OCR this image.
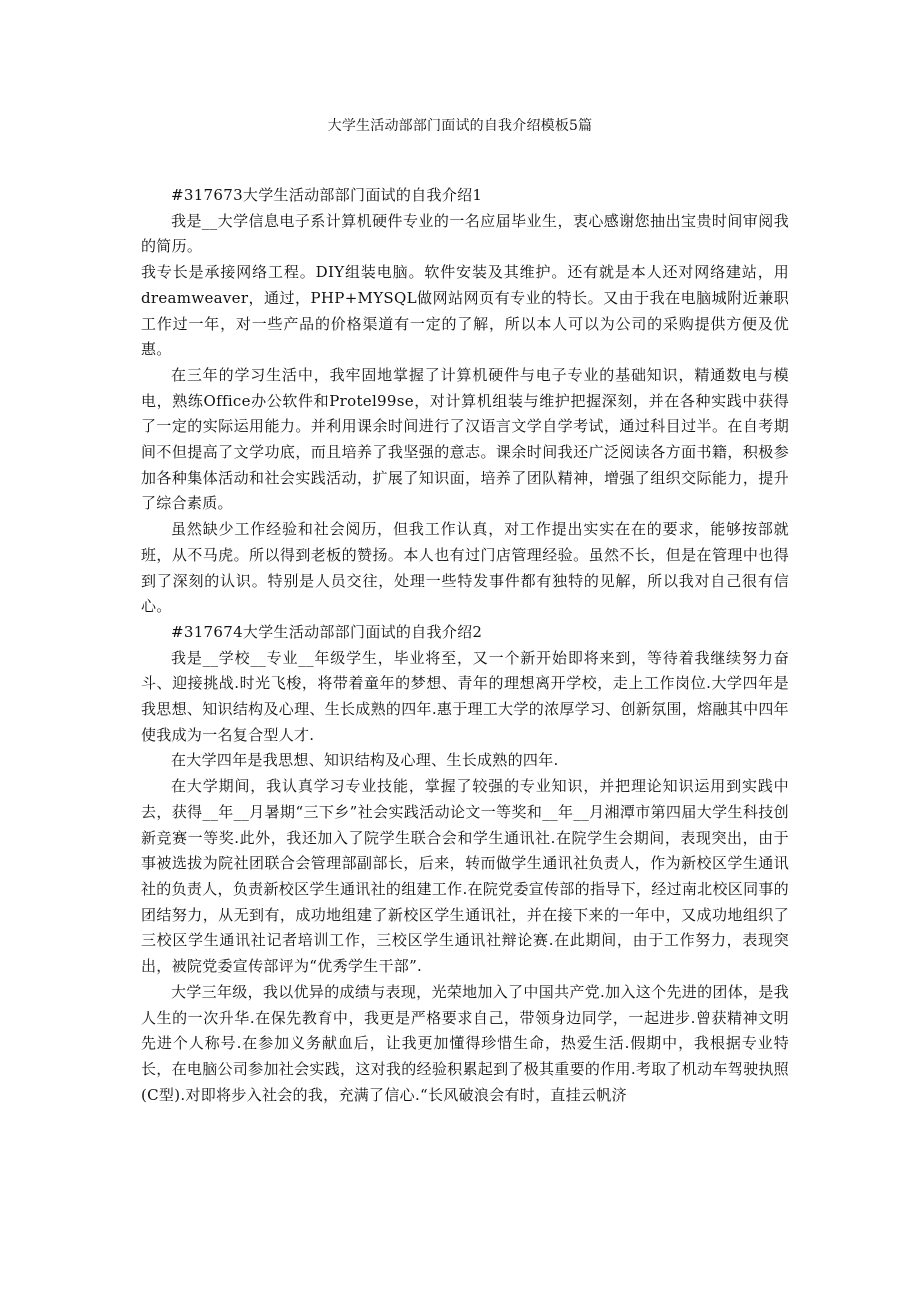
大学生活动部部门面试的自我介绍模板5篇

#317673大学生活动部部门面试的自我介绍1

我是__大学信息电子系计算机硬件专业的一名应届毕业生，衷心感谢您抽出宝贵时间审阅我的简历。

我专长是承接网络工程。DIY组装电脑。软件安装及其维护。还有就是本人还对网络建站，用dreamweaver，通过，PHP+MYSQL做网站网页有专业的特长。又由于我在电脑城附近兼职工作过一年，对一些产品的价格渠道有一定的了解，所以本人可以为公司的采购提供方便及优惠。

在三年的学习生活中，我牢固地掌握了计算机硬件与电子专业的基础知识，精通数电与模电，熟练Office办公软件和Protel99se，对计算机组装与维护把握深刻，并在各种实践中获得了一定的实际运用能力。并利用课余时间进行了汉语言文学自学考试，通过科目过半。在自考期间不但提高了文学功底，而且培养了我坚强的意志。课余时间我还广泛阅读各方面书籍，积极参加各种集体活动和社会实践活动，扩展了知识面，培养了团队精神，增强了组织交际能力，提升了综合素质。

虽然缺少工作经验和社会阅历，但我工作认真，对工作提出实实在在的要求，能够按部就班，从不马虎。所以得到老板的赞扬。本人也有过门店管理经验。虽然不长，但是在管理中也得到了深刻的认识。特别是人员交往，处理一些特发事件都有独特的见解，所以我对自己很有信心。

#317674大学生活动部部门面试的自我介绍2

我是__学校__专业__年级学生，毕业将至，又一个新开始即将来到，等待着我继续努力奋斗、迎接挑战.时光飞梭，将带着童年的梦想、青年的理想离开学校，走上工作岗位.大学四年是我思想、知识结构及心理、生长成熟的四年.惠于理工大学的浓厚学习、创新氛围，熔融其中四年使我成为一名复合型人才.

在大学四年是我思想、知识结构及心理、生长成熟的四年.

在大学期间，我认真学习专业技能，掌握了较强的专业知识，并把理论知识运用到实践中去，获得__年__月暑期“三下乡”社会实践活动论文一等奖和__年__月湘潭市第四届大学生科技创新竞赛一等奖.此外，我还加入了院学生联合会和学生通讯社.在院学生会期间，表现突出，由于事被选拔为院社团联合会管理部副部长，后来，转而做学生通讯社负责人，作为新校区学生通讯社的负责人，负责新校区学生通讯社的组建工作.在院党委宣传部的指导下，经过南北校区同事的团结努力，从无到有，成功地组建了新校区学生通讯社，并在接下来的一年中，又成功地组织了三校区学生通讯社记者培训工作，三校区学生通讯社辩论赛.在此期间，由于工作努力，表现突出，被院党委宣传部评为“优秀学生干部”.

大学三年级，我以优异的成绩与表现，光荣地加入了中国共产党.加入这个先进的团体，是我人生的一次升华.在保先教育中，我更是严格要求自己，带领身边同学，一起进步.曾获精神文明先进个人称号.在参加义务献血后，让我更加懂得珍惜生命，热爱生活.假期中，我根据专业特长，在电脑公司参加社会实践，这对我的经验积累起到了极其重要的作用.考取了机动车驾驶执照(C型).对即将步入社会的我，充满了信心.“长风破浪会有时，直挂云帆济
